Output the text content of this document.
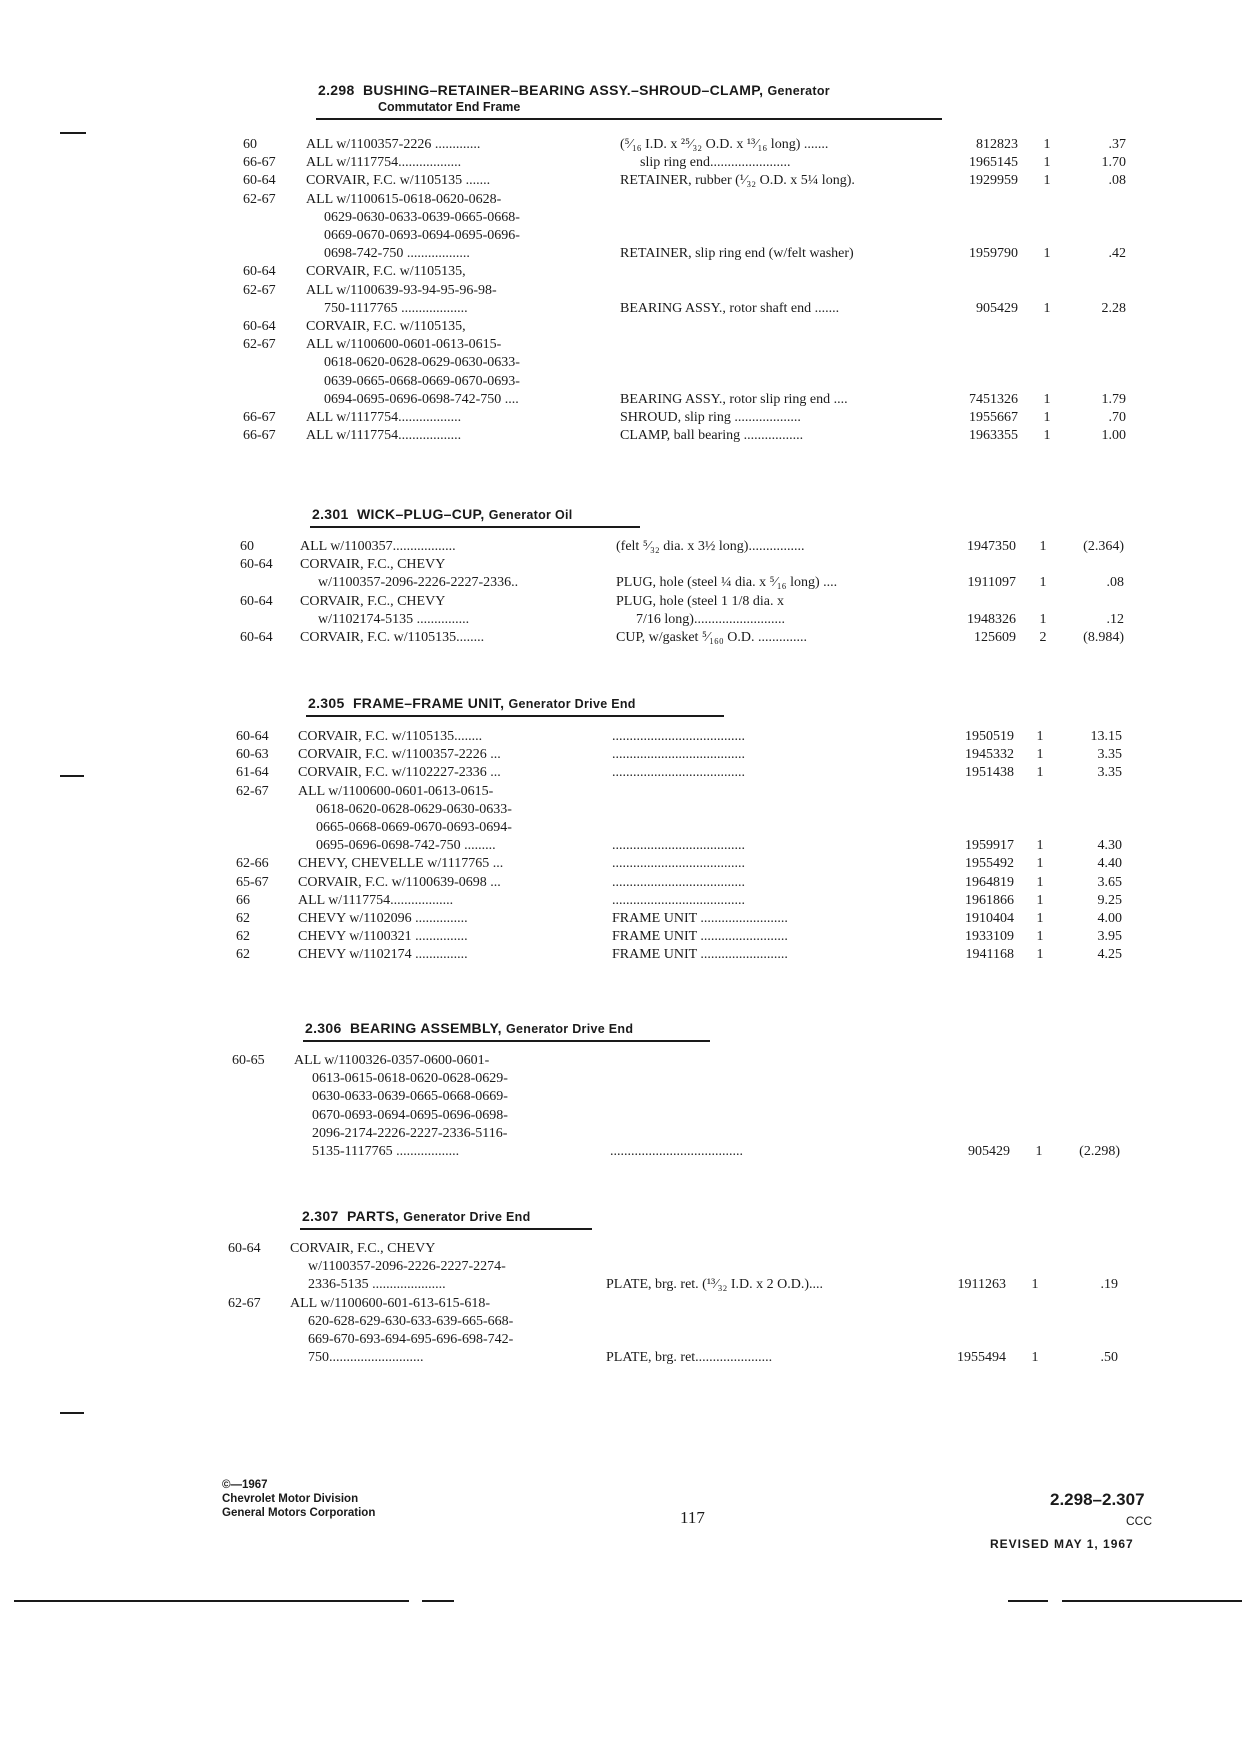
2.298 BUSHING–RETAINER–BEARING ASSY.–SHROUD–CLAMP, Generator
Commutator End Frame
60	ALL w/1100357-2226 .............	(⁵⁄₁₆ I.D. x ²⁵⁄₃₂ O.D. x ¹³⁄₁₆ long) .......	812823 1	.37
66-67 ALL w/1117754..................	slip ring end.......................	1965145 1	1.70
60-64 CORVAIR, F.C. w/1105135 .......	RETAINER, rubber (¹⁄₃₂ O.D. x 5¼ long).	1929959 1	.08
62-67 ALL w/1100615-0618-0620-0628-
0629-0630-0633-0639-0665-0668-
0669-0670-0693-0694-0695-0696-
0698-742-750 ..................	RETAINER, slip ring end (w/felt washer)	1959790 1	.42
60-64 CORVAIR, F.C. w/1105135,
62-67 ALL w/1100639-93-94-95-96-98-
750-1117765 ...................	BEARING ASSY., rotor shaft end .......	905429 1	2.28
60-64 CORVAIR, F.C. w/1105135,
62-67 ALL w/1100600-0601-0613-0615-
0618-0620-0628-0629-0630-0633-
0639-0665-0668-0669-0670-0693-
0694-0695-0696-0698-742-750 ....	BEARING ASSY., rotor slip ring end ....	7451326 1	1.79
66-67 ALL w/1117754..................	SHROUD, slip ring ...................	1955667 1	.70
66-67 ALL w/1117754..................	CLAMP, ball bearing .................	1963355 1	1.00
2.301 WICK–PLUG–CUP, Generator Oil
60	ALL w/1100357..................	(felt ⁵⁄₃₂ dia. x 3½ long)................	1947350 1	(2.364)
60-64 CORVAIR, F.C., CHEVY
w/1100357-2096-2226-2227-2336..	PLUG, hole (steel ¼ dia. x ⁵⁄₁₆ long) ....	1911097 1	.08
60-64 CORVAIR, F.C., CHEVY	PLUG, hole (steel 1 1/8 dia. x
w/1102174-5135 ...............	7/16 long)..........................	1948326 1	.12
60-64 CORVAIR, F.C. w/1105135........	CUP, w/gasket ⁵⁄₁₆₀ O.D. ..............	125609 2	(8.984)
2.305 FRAME–FRAME UNIT, Generator Drive End
60-64 CORVAIR, F.C. w/1105135........	......................................	1950519 1	13.15
60-63 CORVAIR, F.C. w/1100357-2226 ...	......................................	1945332 1	3.35
61-64 CORVAIR, F.C. w/1102227-2336 ...	......................................	1951438 1	3.35
62-67 ALL w/1100600-0601-0613-0615-
0618-0620-0628-0629-0630-0633-
0665-0668-0669-0670-0693-0694-
0695-0696-0698-742-750 .........	......................................	1959917 1	4.30
62-66 CHEVY, CHEVELLE w/1117765 ...	......................................	1955492 1	4.40
65-67 CORVAIR, F.C. w/1100639-0698 ...	......................................	1964819 1	3.65
66	ALL w/1117754..................	......................................	1961866 1	9.25
62	CHEVY w/1102096 ...............	FRAME UNIT .........................	1910404 1	4.00
62	CHEVY w/1100321 ...............	FRAME UNIT .........................	1933109 1	3.95
62	CHEVY w/1102174 ...............	FRAME UNIT .........................	1941168 1	4.25
2.306 BEARING ASSEMBLY, Generator Drive End
60-65 ALL w/1100326-0357-0600-0601-
0613-0615-0618-0620-0628-0629-
0630-0633-0639-0665-0668-0669-
0670-0693-0694-0695-0696-0698-
2096-2174-2226-2227-2336-5116-
5135-1117765 ..................	......................................	905429 1	(2.298)
2.307 PARTS, Generator Drive End
60-64 CORVAIR, F.C., CHEVY
w/1100357-2096-2226-2227-2274-
2336-5135 .....................	PLATE, brg. ret. (¹³⁄₃₂ I.D. x 2 O.D.)....	1911263 1	.19
62-67 ALL w/1100600-601-613-615-618-
620-628-629-630-633-639-665-668-
669-670-693-694-695-696-698-742-
750...........................	PLATE, brg. ret......................	1955494 1	.50
©—1967
Chevrolet Motor Division
General Motors Corporation	117
2.298–2.307
CCC
REVISED MAY 1, 1967
